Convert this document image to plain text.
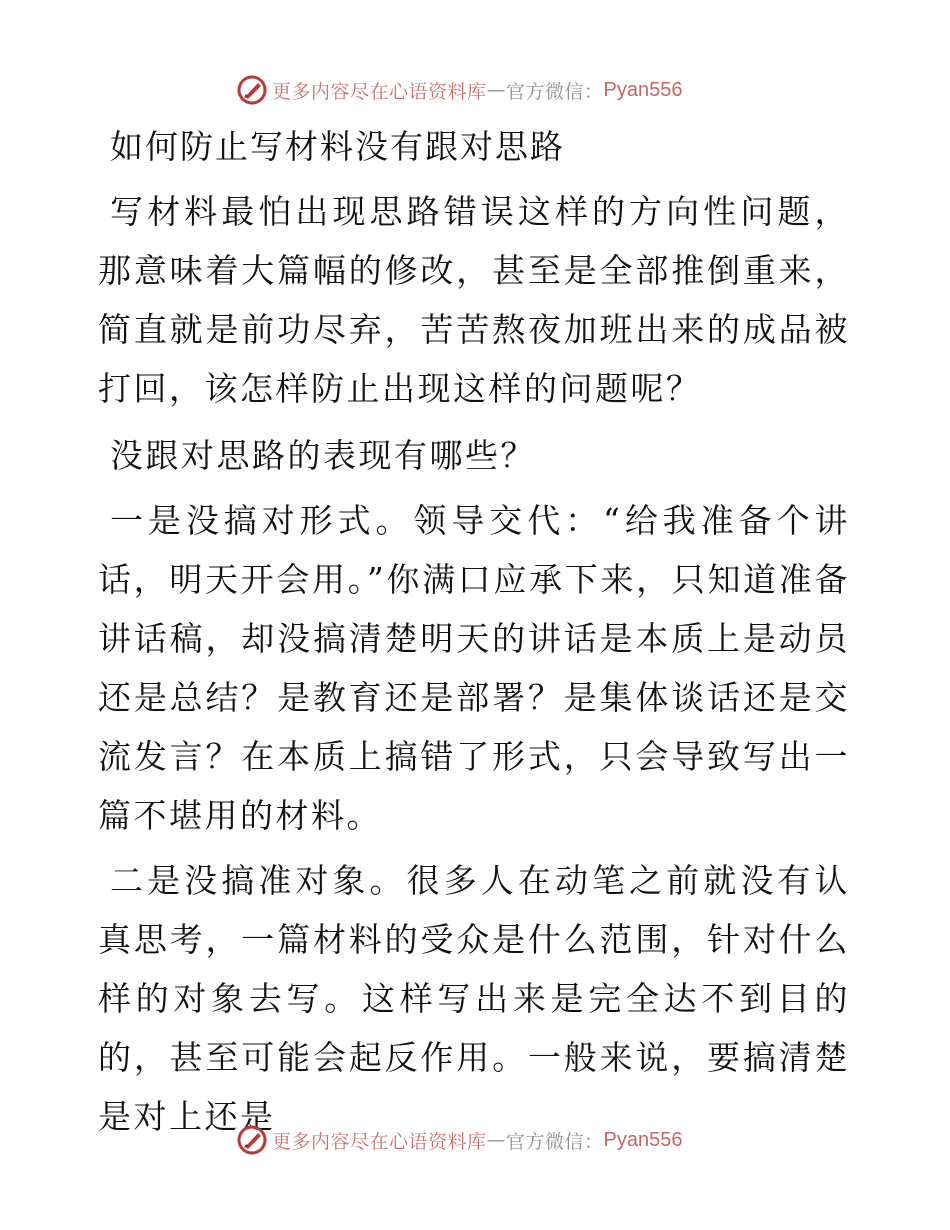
更多内容尽在心语资料库 — 官方微信： Pyan556
如何防止写材料没有跟对思路

写材料最怕出现思路错误这样的方向性问题，那意味着大篇幅的修改，甚至是全部推倒重来，简直就是前功尽弃，苦苦熬夜加班出来的成品被打回，该怎样防止出现这样的问题呢？

没跟对思路的表现有哪些？

一是没搞对形式。领导交代：“给我准备个讲话，明天开会用。”你满口应承下来，只知道准备讲话稿，却没搞清楚明天的讲话是本质上是动员还是总结？是教育还是部署？是集体谈话还是交流发言？在本质上搞错了形式，只会导致写出一篇不堪用的材料。

二是没搞准对象。很多人在动笔之前就没有认真思考，一篇材料的受众是什么范围，针对什么样的对象去写。这样写出来是完全达不到目的的，甚至可能会起反作用。一般来说，要搞清楚是对上还是

更多内容尽在心语资料库 — 官方微信： Pyan556
